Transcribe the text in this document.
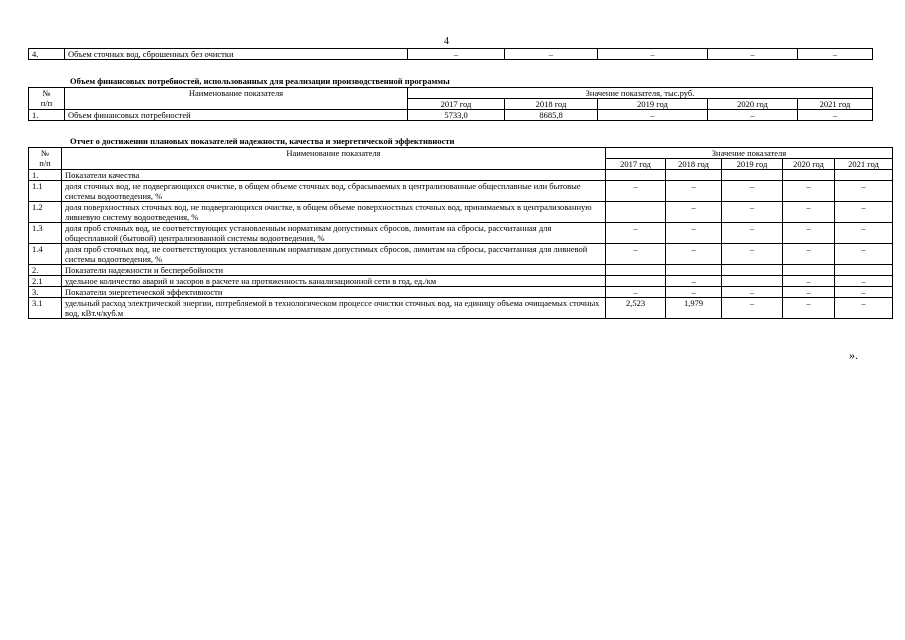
4
4.	Объем сточных вод, сброшенных без очистки	–	–	–	–	–
Объем финансовых потребностей, использованных для реализации производственной программы
№
п/п	Наименование показателя	Значение показателя, тыс.руб.				
		2017 год	2018 год	2019 год	2020 год	2021 год
1.	Объем финансовых потребностей	5733,0	8685,8	–	–	–
Отчет о достижении плановых показателей надежности, качества и энергетической эффективности
№
п/п	Наименование показателя	Значение показателя				
		2017 год	2018 год	2019 год	2020 год	2021 год
1.	Показатели качества					
1.1	доля сточных вод, не подвергающихся очистке, в общем объеме сточных вод, сбрасываемых в централизованные общесплавные или бытовые системы водоотведения, %	–	–	–	–	–
1.2	доля поверхностных сточных вод, не подвергающихся очистке, в общем объеме поверхностных сточных вод, принимаемых в централизованную ливневую систему водоотведения, %		–	–	–	–
1.3	доля проб сточных вод, не соответствующих установленным нормативам допустимых сбросов, лимитам на сбросы, рассчитанная для общесплавной (бытовой) централизованной системы водоотведения, %	–	–	–	–	–
1.4	доля проб сточных вод, не соответствующих установленным нормативам допустимых сбросов, лимитам на сбросы, рассчитанная для ливневой системы водоотведения, %	–	–	–	–	–
2.	Показатели надежности и бесперебойности					
2.1	удельное количество аварий и засоров в расчете на протяженность канализационной сети в год, ед./км		–		–	–
3.	Показатели энергетической эффективности	–	–	–	–	–
3.1	удельный расход электрической энергии, потребляемой в технологическом процессе очистки сточных вод, на единицу объема очищаемых сточных вод, кВт.ч/куб.м	2,523	1,979	–	–	–
».
